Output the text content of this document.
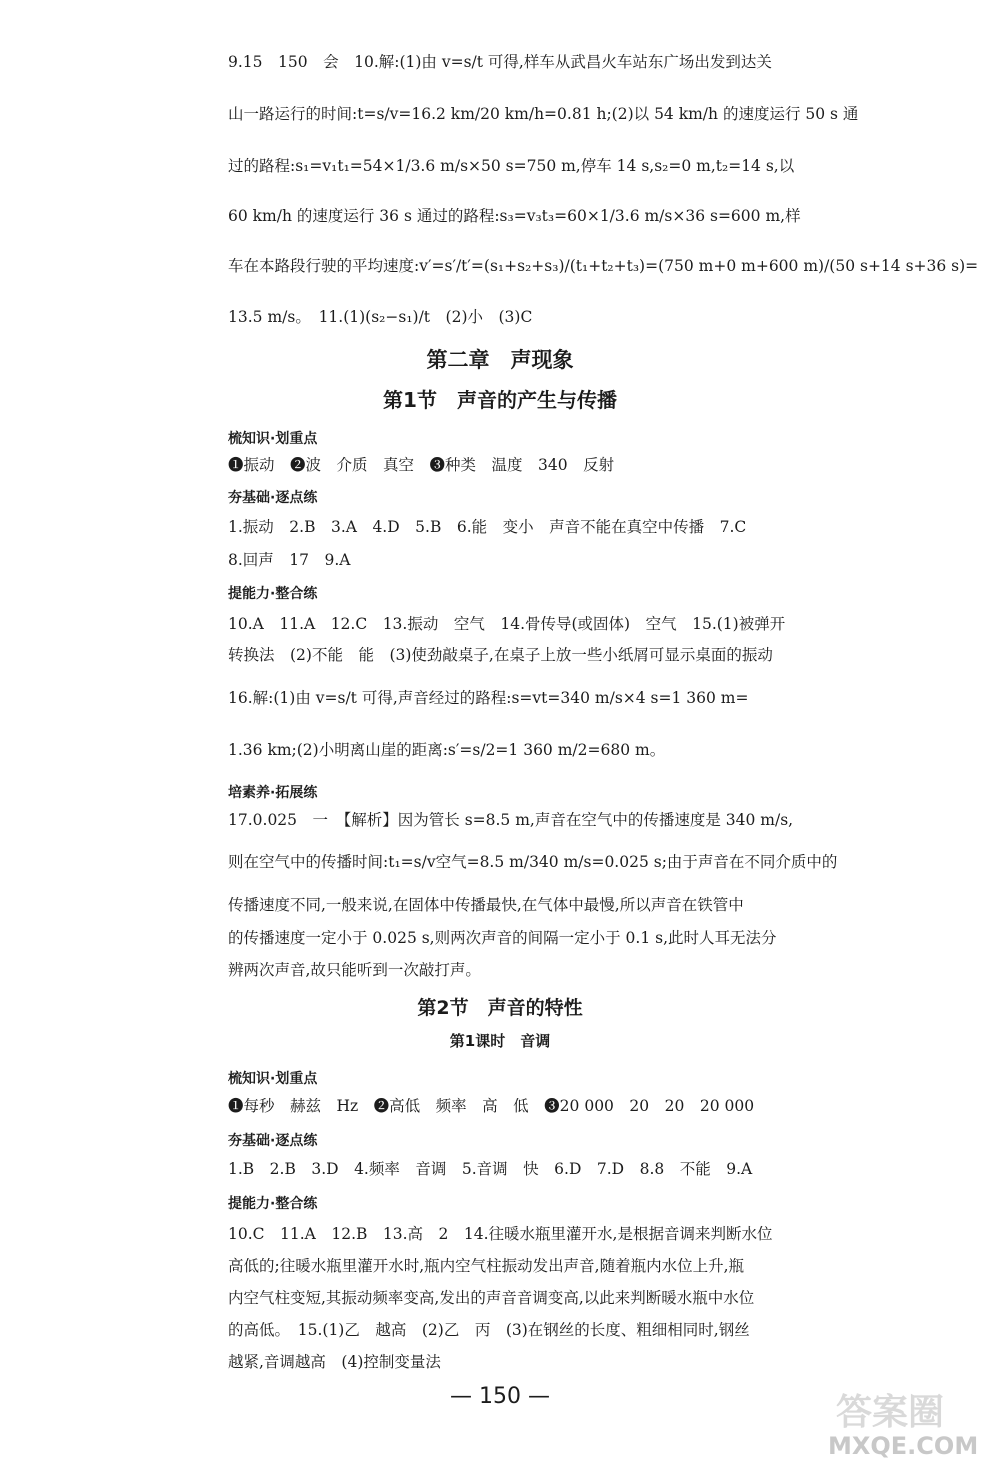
9.15　150　会　10.解:(1)由 v=s/t 可得,样车从武昌火车站东广场出发到达关
山一路运行的时间:t=s/v=16.2 km/20 km/h=0.81 h;(2)以 54 km/h 的速度运行 50 s 通
过的路程:s₁=v₁t₁=54×1/3.6 m/s×50 s=750 m,停车 14 s,s₂=0 m,t₂=14 s,以
60 km/h 的速度运行 36 s 通过的路程:s₃=v₃t₃=60×1/3.6 m/s×36 s=600 m,样
车在本路段行驶的平均速度:v′=s′/t′=(s₁+s₂+s₃)/(t₁+t₂+t₃)=(750 m+0 m+600 m)/(50 s+14 s+36 s)=
13.5 m/s。　11.(1)(s₂−s₁)/t　(2)小　(3)C
第二章　声现象
第1节　声音的产生与传播
梳知识·划重点
❶振动　❷波　介质　真空　❸种类　温度　340　反射
夯基础·逐点练
1.振动　2.B　3.A　4.D　5.B　6.能　变小　声音不能在真空中传播　7.C
8.回声　17　9.A
提能力·整合练
10.A　11.A　12.C　13.振动　空气　14.骨传导(或固体)　空气　15.(1)被弹开
转换法　(2)不能　能　(3)使劲敲桌子,在桌子上放一些小纸屑可显示桌面的振动
16.解:(1)由 v=s/t 可得,声音经过的路程:s=vt=340 m/s×4 s=1 360 m=
1.36 km;(2)小明离山崖的距离:s′=s/2=1 360 m/2=680 m。
培素养·拓展练
17.0.025　一　【解析】因为管长 s=8.5 m,声音在空气中的传播速度是 340 m/s,
则在空气中的传播时间:t₁=s/v空气=8.5 m/340 m/s=0.025 s;由于声音在不同介质中的
传播速度不同,一般来说,在固体中传播最快,在气体中最慢,所以声音在铁管中
的传播速度一定小于 0.025 s,则两次声音的间隔一定小于 0.1 s,此时人耳无法分
辨两次声音,故只能听到一次敲打声。
第2节　声音的特性
第1课时　音调
梳知识·划重点
❶每秒　赫兹　Hz　❷高低　频率　高　低　❸20 000　20　20　20 000
夯基础·逐点练
1.B　2.B　3.D　4.频率　音调　5.音调　快　6.D　7.D　8.8　不能　9.A
提能力·整合练
10.C　11.A　12.B　13.高　2　14.往暖水瓶里灌开水,是根据音调来判断水位
高低的;往暖水瓶里灌开水时,瓶内空气柱振动发出声音,随着瓶内水位上升,瓶
内空气柱变短,其振动频率变高,发出的声音音调变高,以此来判断暖水瓶中水位
的高低。　15.(1)乙　越高　(2)乙　丙　(3)在钢丝的长度、粗细相同时,钢丝
越紧,音调越高　(4)控制变量法
— 150 —	答案圈
MXQE.COM
